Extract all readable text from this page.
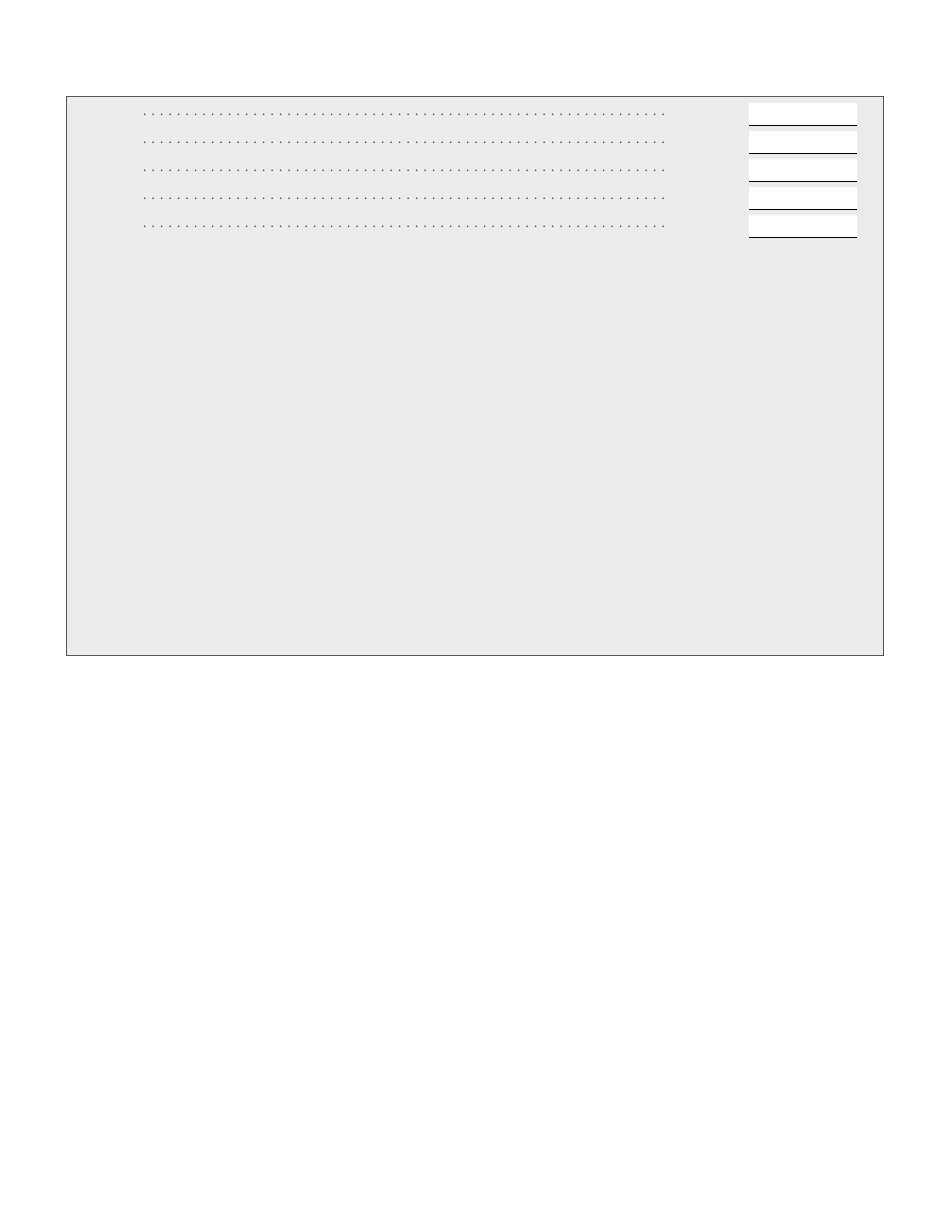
. . .
. . .
. . .
. . .
. . .
